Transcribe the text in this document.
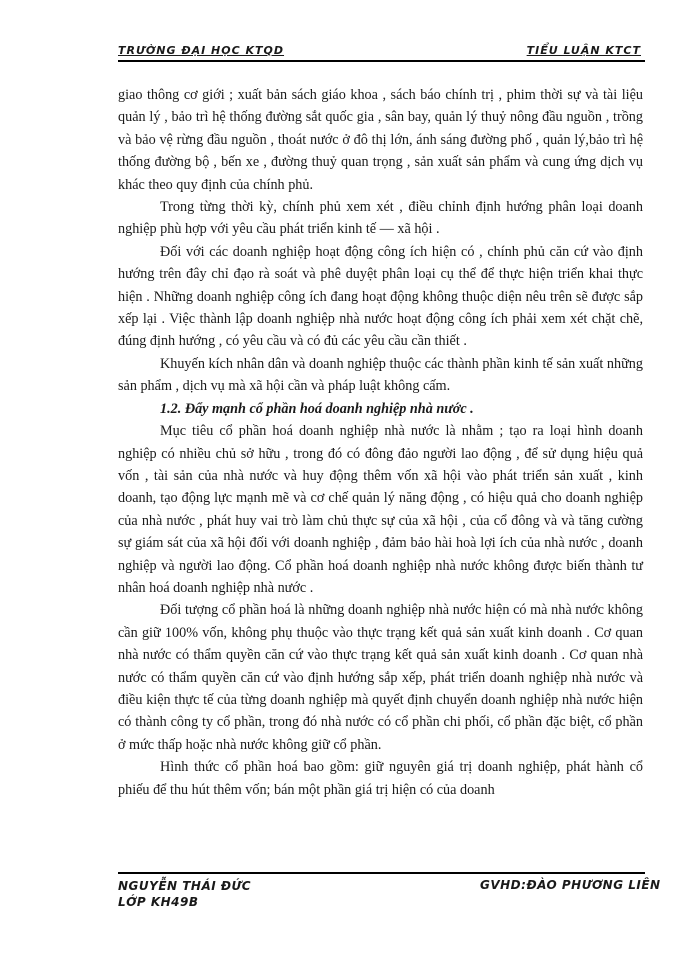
TRƯỜNG ĐẠI HỌC KTQD	TIỂU LUẬN KTCT

giao thông cơ giới ; xuất bản sách giáo khoa , sách báo chính trị , phim thời sự và tài liệu quản lý , bảo trì hệ thống đường sắt quốc gia , sân bay, quản lý thuỷ nông đầu nguồn , trồng và bảo vệ rừng đầu nguồn , thoát nước ở đô thị lớn, ánh sáng đường phố , quản lý,bảo trì hệ thống đường bộ , bến xe , đường thuỷ quan trọng , sản xuất sản phẩm và cung ứng dịch vụ khác theo quy định của chính phủ.

Trong từng thời kỳ, chính phủ xem xét , điều chỉnh định hướng phân loại doanh nghiệp phù hợp với yêu cầu phát triển kinh tế — xã hội .

Đối với các doanh nghiệp hoạt động công ích hiện có , chính phủ căn cứ vào định hướng trên đây chỉ đạo rà soát và phê duyệt phân loại cụ thể để thực hiện triển khai thực hiện . Những doanh nghiệp công ích đang hoạt động không thuộc diện nêu trên sẽ được sắp xếp lại . Việc thành lập doanh nghiệp nhà nước hoạt động công ích phải xem xét chặt chẽ, đúng định hướng , có yêu cầu và có đủ các yêu cầu cần thiết .

Khuyến kích nhân dân và doanh nghiệp thuộc các thành phần kinh tế sản xuất những sản phẩm , dịch vụ mà xã hội cần và pháp luật không cấm.

1.2. Đẩy mạnh cổ phần hoá doanh nghiệp nhà nước .

Mục tiêu cổ phần hoá doanh nghiệp nhà nước là nhằm ; tạo ra loại hình doanh nghiệp có nhiều chủ sở hữu , trong đó có đông đảo người lao động , để sử dụng hiệu quả vốn , tài sản của nhà nước và huy động thêm vốn xã hội vào phát triển sản xuất , kinh doanh, tạo động lực mạnh mẽ và cơ chế quản lý năng động , có hiệu quả cho doanh nghiệp của nhà nước , phát huy vai trò làm chủ thực sự của xã hội , của cổ đông và và tăng cường sự giám sát của xã hội đối với doanh nghiệp , đảm bảo hài hoà lợi ích của nhà nước , doanh nghiệp và người lao động. Cổ phần hoá doanh nghiệp nhà nước không được biến thành tư nhân hoá doanh nghiệp nhà nước .

Đối tượng cổ phần hoá là những doanh nghiệp nhà nước hiện có mà nhà nước không cần giữ 100% vốn, không phụ thuộc vào thực trạng kết quả sản xuất kinh doanh . Cơ quan nhà nước có thẩm quyền căn cứ vào thực trạng kết quả sản xuất kinh doanh . Cơ quan nhà nước có thẩm quyền căn cứ vào định hướng sắp xếp, phát triển doanh nghiệp nhà nước và điều kiện thực tế của từng doanh nghiệp mà quyết định chuyển doanh nghiệp nhà nước hiện có thành công ty cổ phần, trong đó nhà nước có cổ phần chi phối, cổ phần đặc biệt, cổ phần ở mức thấp hoặc nhà nước không giữ cổ phần.

Hình thức cổ phần hoá bao gồm: giữ nguyên giá trị doanh nghiệp, phát hành cổ phiếu để thu hút thêm vốn; bán một phần giá trị hiện có của doanh

NGUYỄN THÁI ĐỨC
LỚP KH49B
GVHD:ĐÀO PHƯƠNG LIÊN
